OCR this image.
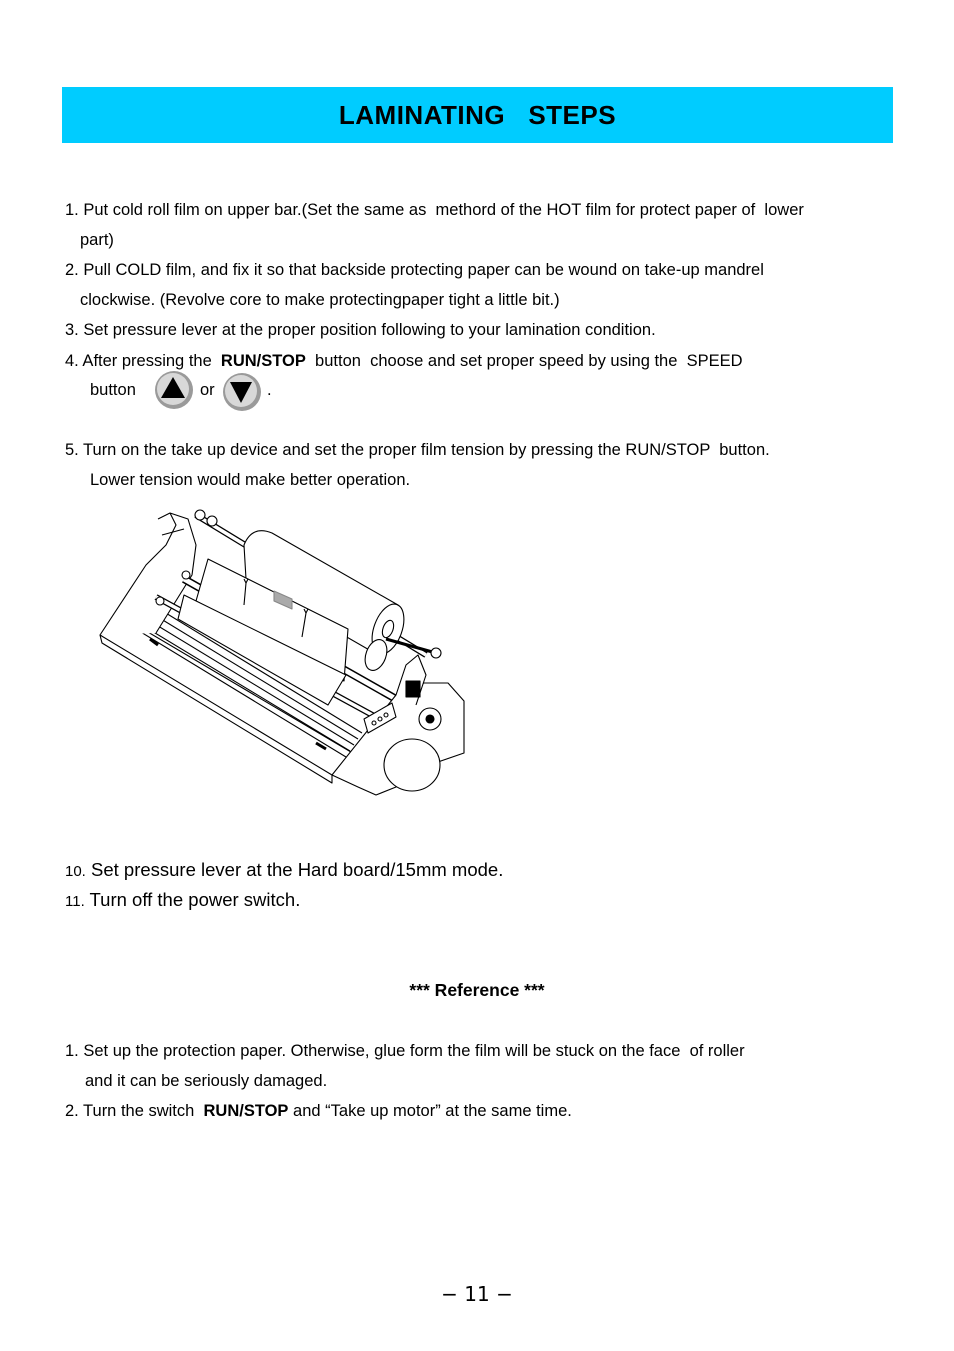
LAMINATING   STEPS
1. Put cold roll film on upper bar.(Set the same as  methord of the HOT film for protect paper of  lower
part)
2. Pull COLD film, and fix it so that backside protecting paper can be wound on take-up mandrel
clockwise. (Revolve core to make protectingpaper tight a little bit.)
3. Set pressure lever at the proper position following to your lamination condition.
4. After pressing the  RUN/STOP  button  choose and set proper speed by using the  SPEED
button	or	.
5. Turn on the take up device and set the proper film tension by pressing the RUN/STOP  button.
Lower tension would make better operation.
10. Set pressure lever at the Hard board/15mm mode.
11. Turn off the power switch.
*** Reference ***
1. Set up the protection paper. Otherwise, glue form the film will be stuck on the face  of roller
and it can be seriously damaged.
2. Turn the switch  RUN/STOP and “Take up motor” at the same time.
− 11 −
